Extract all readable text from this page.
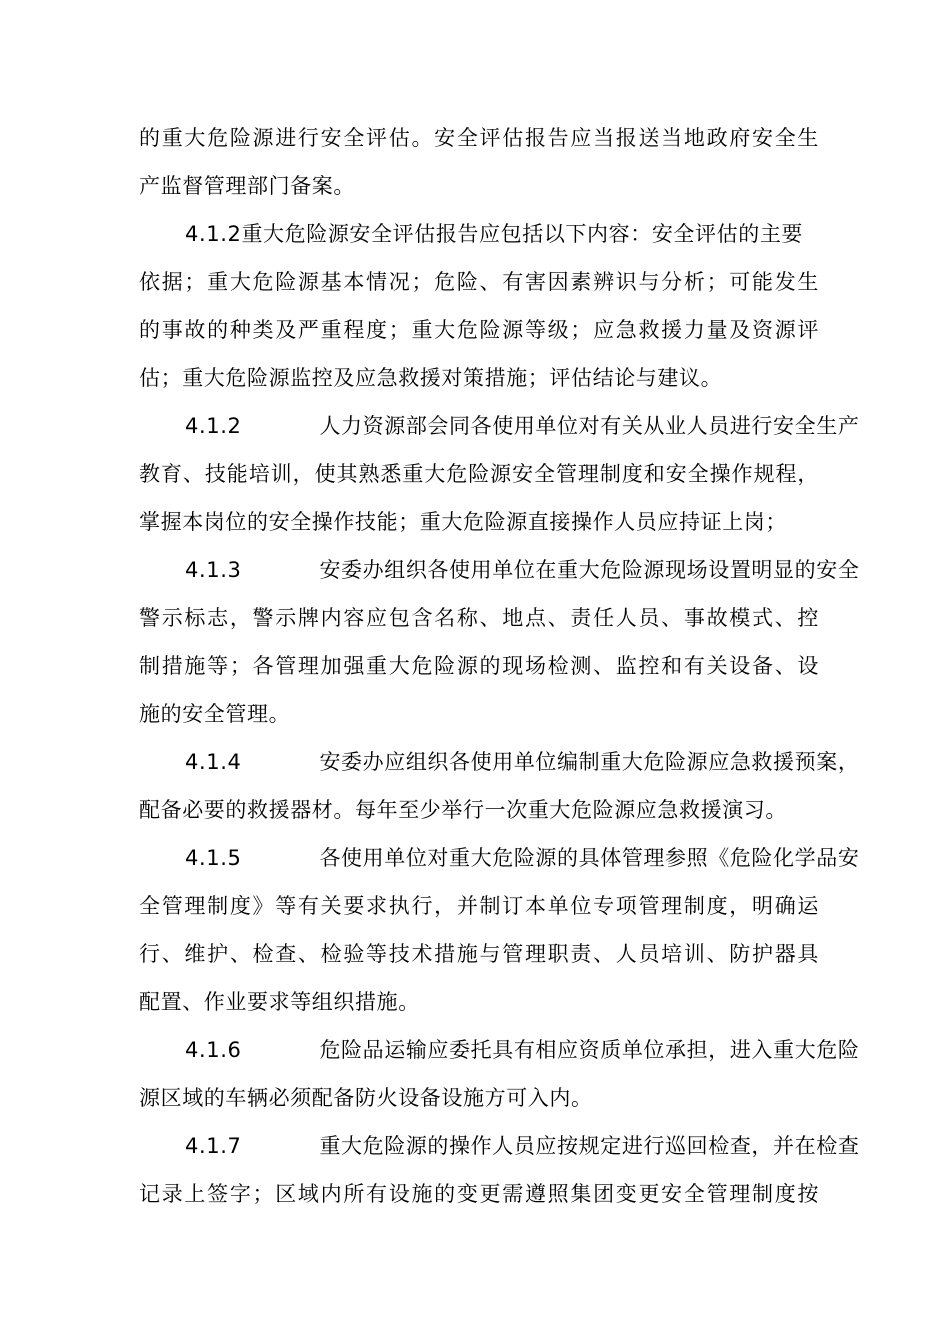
的重大危险源进行安全评估。安全评估报告应当报送当地政府安全生
产监督管理部门备案。
4.1.2重大危险源安全评估报告应包括以下内容：安全评估的主要
依据；重大危险源基本情况；危险、有害因素辨识与分析；可能发生
的事故的种类及严重程度；重大危险源等级；应急救援力量及资源评
估；重大危险源监控及应急救援对策措施；评估结论与建议。
4.1.2	人力资源部会同各使用单位对有关从业人员进行安全生产
教育、技能培训，使其熟悉重大危险源安全管理制度和安全操作规程，
掌握本岗位的安全操作技能；重大危险源直接操作人员应持证上岗；
4.1.3	安委办组织各使用单位在重大危险源现场设置明显的安全
警示标志，警示牌内容应包含名称、地点、责任人员、事故模式、控
制措施等；各管理加强重大危险源的现场检测、监控和有关设备、设
施的安全管理。
4.1.4	安委办应组织各使用单位编制重大危险源应急救援预案，
配备必要的救援器材。每年至少举行一次重大危险源应急救援演习。
4.1.5	各使用单位对重大危险源的具体管理参照《危险化学品安
全管理制度》等有关要求执行，并制订本单位专项管理制度，明确运
行、维护、检查、检验等技术措施与管理职责、人员培训、防护器具
配置、作业要求等组织措施。
4.1.6	危险品运输应委托具有相应资质单位承担，进入重大危险
源区域的车辆必须配备防火设备设施方可入内。
4.1.7	重大危险源的操作人员应按规定进行巡回检查，并在检查
记录上签字；区域内所有设施的变更需遵照集团变更安全管理制度按
